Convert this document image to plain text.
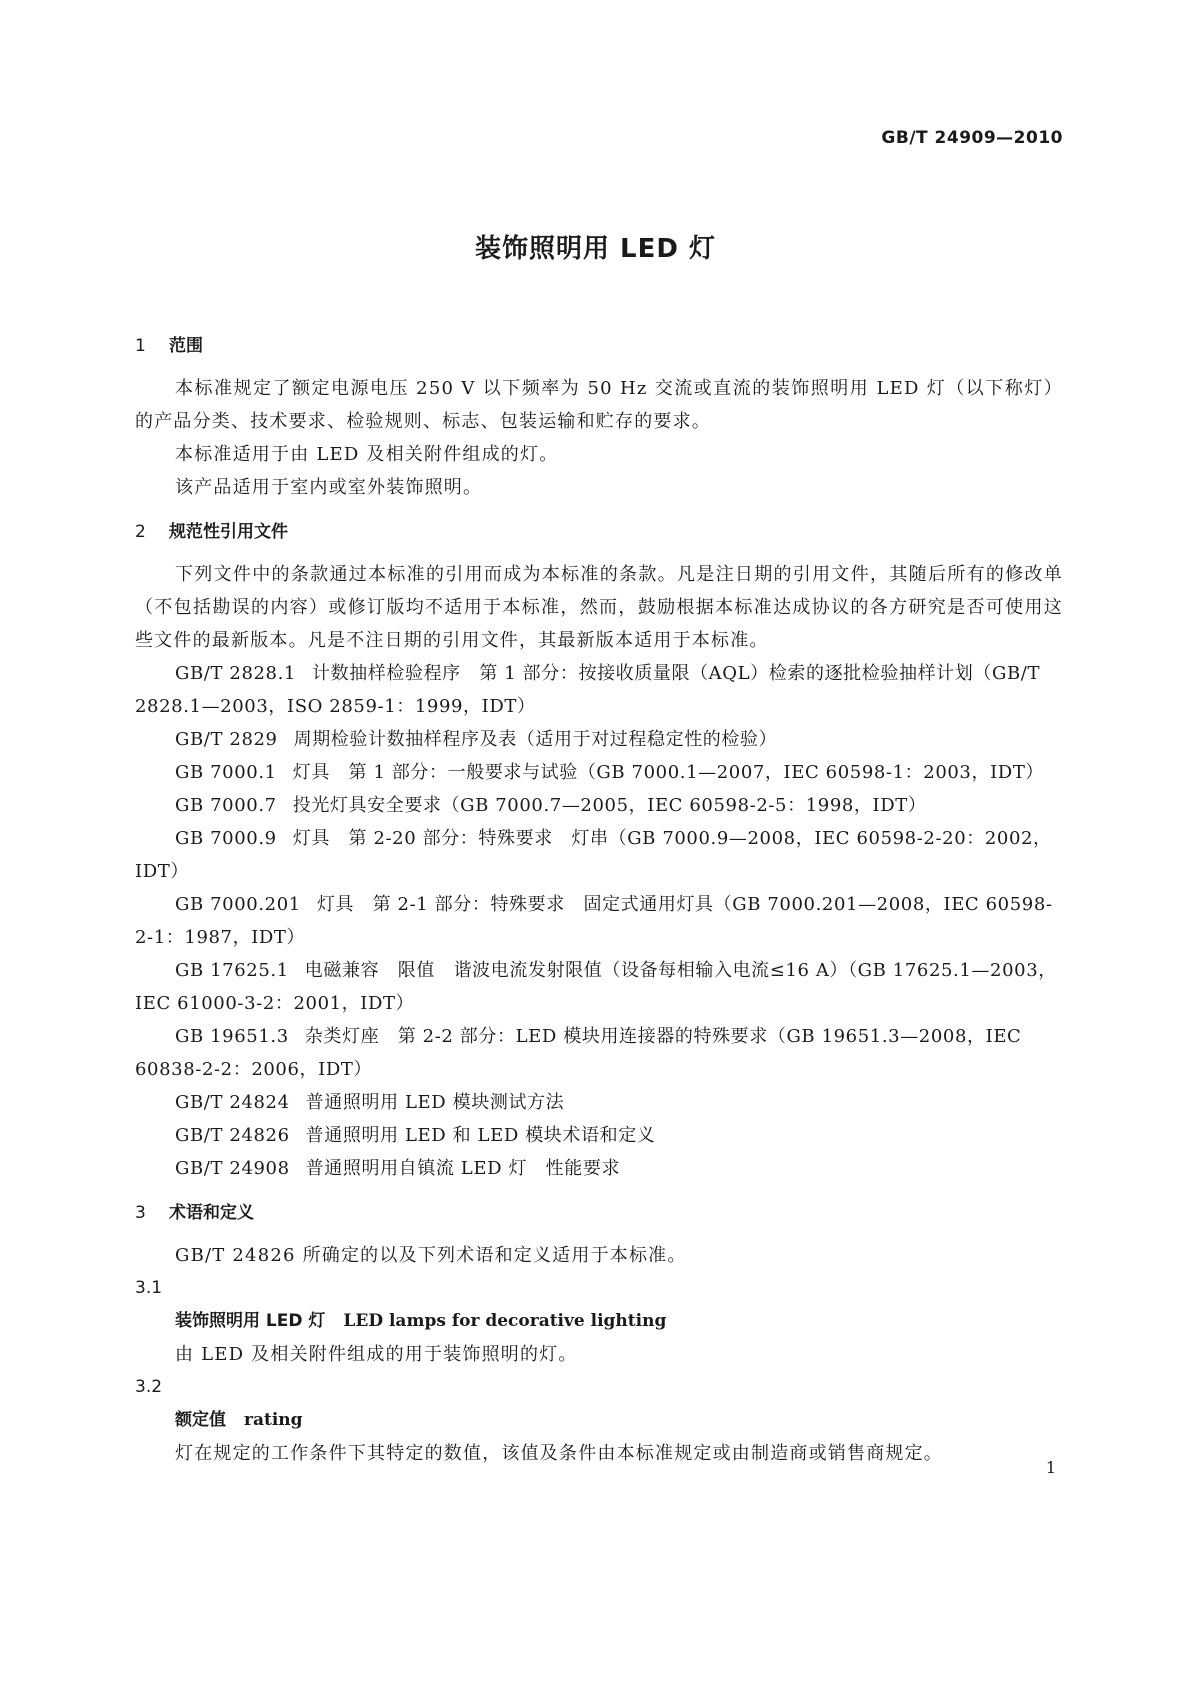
GB/T 24909—2010
装饰照明用 LED 灯

1 范围

本标准规定了额定电源电压 250 V 以下频率为 50 Hz 交流或直流的装饰照明用 LED 灯（以下称灯）的产品分类、技术要求、检验规则、标志、包装运输和贮存的要求。

本标准适用于由 LED 及相关附件组成的灯。

该产品适用于室内或室外装饰照明。

2 规范性引用文件

下列文件中的条款通过本标准的引用而成为本标准的条款。凡是注日期的引用文件，其随后所有的修改单（不包括勘误的内容）或修订版均不适用于本标准，然而，鼓励根据本标准达成协议的各方研究是否可使用这些文件的最新版本。凡是不注日期的引用文件，其最新版本适用于本标准。

GB/T 2828.1 计数抽样检验程序　第 1 部分：按接收质量限（AQL）检索的逐批检验抽样计划（GB/T 2828.1—2003，ISO 2859-1：1999，IDT）

GB/T 2829 周期检验计数抽样程序及表（适用于对过程稳定性的检验）

GB 7000.1 灯具　第 1 部分：一般要求与试验（GB 7000.1—2007，IEC 60598-1：2003，IDT）

GB 7000.7 投光灯具安全要求（GB 7000.7—2005，IEC 60598-2-5：1998，IDT）

GB 7000.9 灯具　第 2-20 部分：特殊要求　灯串（GB 7000.9—2008，IEC 60598-2-20：2002，IDT）

GB 7000.201 灯具　第 2-1 部分：特殊要求　固定式通用灯具（GB 7000.201—2008，IEC 60598-2-1：1987，IDT）

GB 17625.1 电磁兼容　限值　谐波电流发射限值（设备每相输入电流≤16 A）（GB 17625.1—2003，IEC 61000-3-2：2001，IDT）

GB 19651.3 杂类灯座　第 2-2 部分：LED 模块用连接器的特殊要求（GB 19651.3—2008，IEC 60838-2-2：2006，IDT）

GB/T 24824 普通照明用 LED 模块测试方法

GB/T 24826 普通照明用 LED 和 LED 模块术语和定义

GB/T 24908 普通照明用自镇流 LED 灯　性能要求

3 术语和定义

GB/T 24826 所确定的以及下列术语和定义适用于本标准。

3.1

装饰照明用 LED 灯 LED lamps for decorative lighting

由 LED 及相关附件组成的用于装饰照明的灯。

3.2

额定值 rating

灯在规定的工作条件下其特定的数值，该值及条件由本标准规定或由制造商或销售商规定。

1
